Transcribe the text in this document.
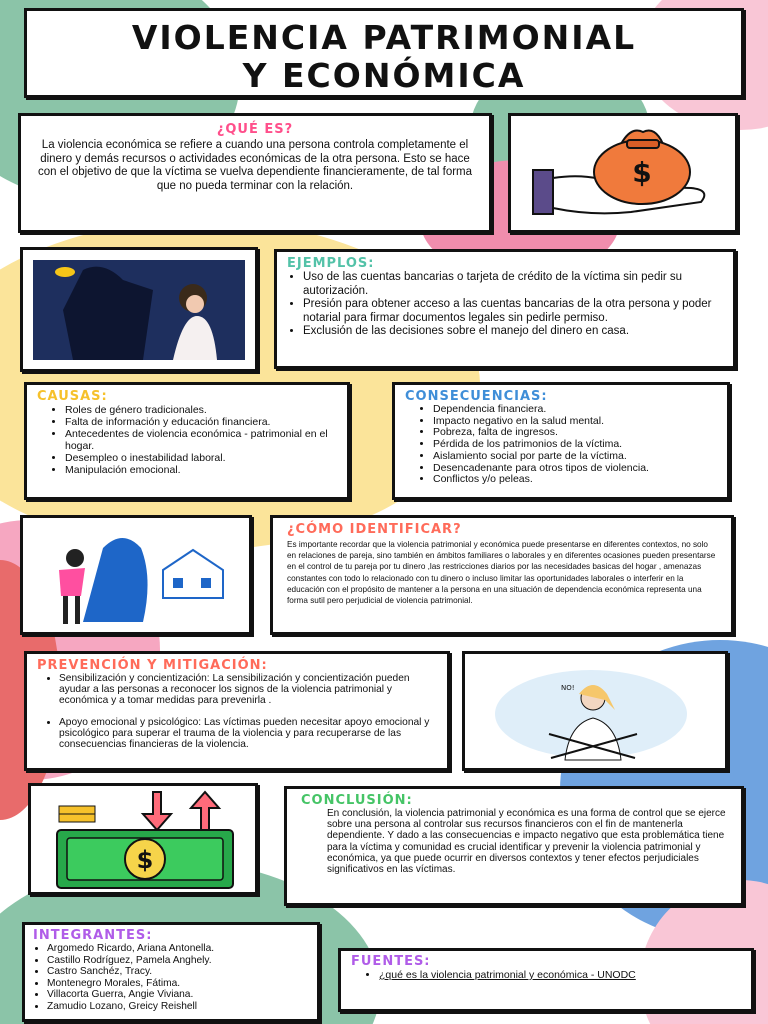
VIOLENCIA PATRIMONIAL
Y ECONÓMICA
¿QUÉ ES?
La violencia económica se refiere a cuando una persona controla completamente el dinero y demás recursos o actividades económicas de la otra persona. Esto se hace con el objetivo de que la víctima se vuelva dependiente financieramente, de tal forma que no pueda terminar con la relación.	$
EJEMPLOS:
• Uso de las cuentas bancarias o tarjeta de crédito de la víctima sin pedir su autorización.
• Presión para obtener acceso a las cuentas bancarias de la otra persona y poder notarial para firmar documentos legales sin pedirle permiso.
• Exclusión de las decisiones sobre el manejo del dinero en casa.
CAUSAS:
• Roles de género tradicionales.
• Falta de información y educación financiera.
• Antecedentes de violencia económica - patrimonial en el hogar.
• Desempleo o inestabilidad laboral.
• Manipulación emocional.
CONSECUENCIAS:
• Dependencia financiera.
• Impacto negativo en la salud mental.
• Pobreza, falta de ingresos.
• Pérdida de los patrimonios de la víctima.
• Aislamiento social por parte de la víctima.
• Desencadenante para otros tipos de violencia.
• Conflictos y/o peleas.
¿CÓMO IDENTIFICAR?
Es importante recordar que la violencia patrimonial y económica puede presentarse en diferentes contextos, no solo en relaciones de pareja, sino también en ámbitos familiares o laborales y en diferentes ocasiones pueden presentarse en el control de tu pareja por tu dinero ,las restricciones diarios por las necesidades basicas del hogar , amenazas constantes con todo lo relacionado con tu dinero o incluso limitar las oportunidades laborales o interferir en la educación con el propósito de mantener a la persona en una situación de dependencia económica representa una forma sutil pero perjudicial de violencia patrimonial.
PREVENCIÓN Y MITIGACIÓN:
• Sensibilización y concientización: La sensibilización y concientización pueden ayudar a las personas a reconocer los signos de la violencia patrimonial y económica y a tomar medidas para prevenirla .
• Apoyo emocional y psicológico: Las víctimas pueden necesitar apoyo emocional y psicológico para superar el trauma de la violencia y para recuperarse de las consecuencias financieras de la violencia.
NO!
$
CONCLUSIÓN:
En conclusión, la violencia patrimonial y económica es una forma de control que se ejerce sobre una persona al controlar sus recursos financieros con el fin de mantenerla dependiente. Y dado a las consecuencias e impacto negativo que esta problemática tiene para la víctima y comunidad es crucial identificar y prevenir la violencia patrimonial y económica, ya que puede ocurrir en diversos contextos y tener efectos perjudiciales significativos en las víctimas.
INTEGRANTES:
• Argomedo Ricardo, Ariana Antonella.
• Castillo Rodríguez, Pamela Anghely.
• Castro Sanchéz, Tracy.
• Montenegro Morales, Fátima.
• Villacorta Guerra, Angie Viviana.
• Zamudio Lozano, Greicy Reishell
FUENTES:
• ¿qué es la violencia patrimonial y económica - UNODC
